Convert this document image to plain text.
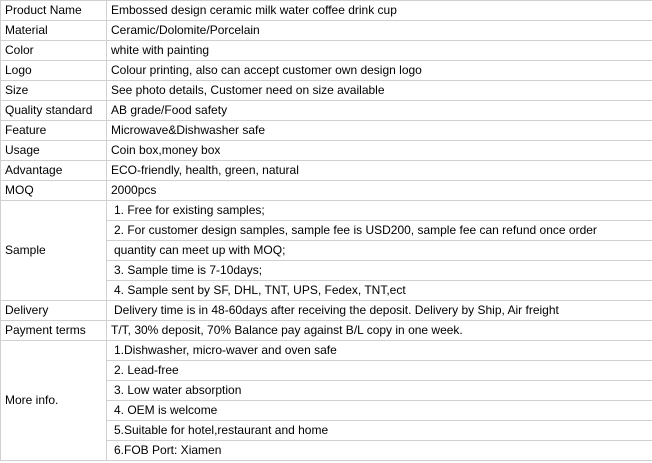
Product Name	Embossed design ceramic milk water coffee drink cup
Material	Ceramic/Dolomite/Porcelain
Color	white with painting
Logo	Colour printing, also can accept customer own design logo
Size	See photo details, Customer need on size available
Quality standard	AB grade/Food safety
Feature	Microwave&Dishwasher safe
Usage	Coin box,money box
Advantage	ECO-friendly, health, green, natural
MOQ	2000pcs
Sample	1. Free for existing samples;
	2. For customer design samples, sample fee is USD200, sample fee can refund once order
	quantity can meet up with MOQ;
	3. Sample time is 7-10days;
	4. Sample sent by SF, DHL, TNT, UPS, Fedex, TNT,ect
Delivery	Delivery time is in 48-60days after receiving the deposit. Delivery by Ship, Air freight
Payment terms	T/T, 30% deposit, 70% Balance pay against B/L copy in one week.
More info.	1.Dishwasher, micro-waver and oven safe
	2. Lead-free
	3. Low water absorption
	4. OEM is welcome
	5.Suitable for hotel,restaurant and home
	6.FOB Port: Xiamen
